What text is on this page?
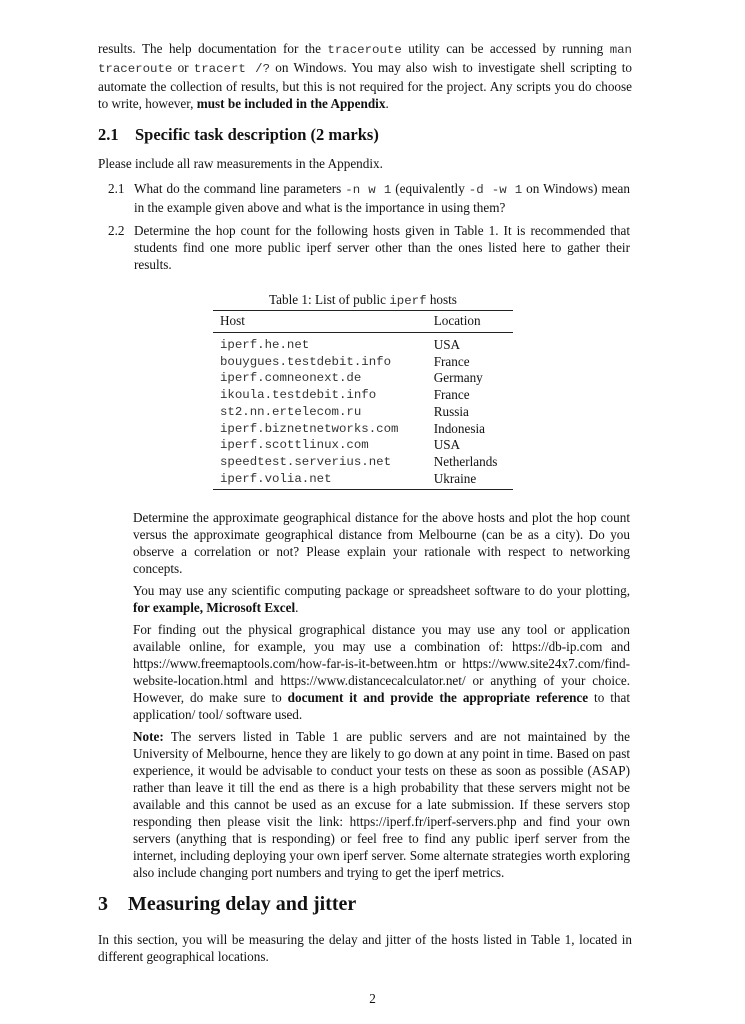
results. The help documentation for the traceroute utility can be accessed by running man traceroute or tracert /? on Windows. You may also wish to investigate shell scripting to automate the collection of results, but this is not required for the project. Any scripts you do choose to write, however, must be included in the Appendix.

2.1 Specific task description (2 marks)

Please include all raw measurements in the Appendix.

2.1 What do the command line parameters -n w 1 (equivalently -d -w 1 on Windows) mean in the example given above and what is the importance in using them?

2.2 Determine the hop count for the following hosts given in Table 1. It is recommended that students find one more public iperf server other than the ones listed here to gather their results.

Table 1: List of public iperf hosts
Host	Location
iperf.he.net	USA
bouygues.testdebit.info	France
iperf.comneonext.de	Germany
ikoula.testdebit.info	France
st2.nn.ertelecom.ru	Russia
iperf.biznetnetworks.com	Indonesia
iperf.scottlinux.com	USA
speedtest.serverius.net	Netherlands
iperf.volia.net	Ukraine

Determine the approximate geographical distance for the above hosts and plot the hop count versus the approximate geographical distance from Melbourne (can be as a city). Do you observe a correlation or not? Please explain your rationale with respect to networking concepts.

You may use any scientific computing package or spreadsheet software to do your plotting, for example, Microsoft Excel.

For finding out the physical grographical distance you may use any tool or application available online, for example, you may use a combination of: https://db-ip.com and https://www.freemaptools.com/how-far-is-it-between.htm or https://www.site24x7.com/find-website-location.html and https://www.distancecalculator.net/ or anything of your choice. However, do make sure to document it and provide the appropriate reference to that application/ tool/ software used.

Note: The servers listed in Table 1 are public servers and are not maintained by the University of Melbourne, hence they are likely to go down at any point in time. Based on past experience, it would be advisable to conduct your tests on these as soon as possible (ASAP) rather than leave it till the end as there is a high probability that these servers might not be available and this cannot be used as an excuse for a late submission. If these servers stop responding then please visit the link: https://iperf.fr/iperf-servers.php and find your own servers (anything that is responding) or feel free to find any public iperf server from the internet, including deploying your own iperf server. Some alternate strategies worth exploring also include changing port numbers and trying to get the iperf metrics.

3 Measuring delay and jitter

In this section, you will be measuring the delay and jitter of the hosts listed in Table 1, located in different geographical locations.

2
